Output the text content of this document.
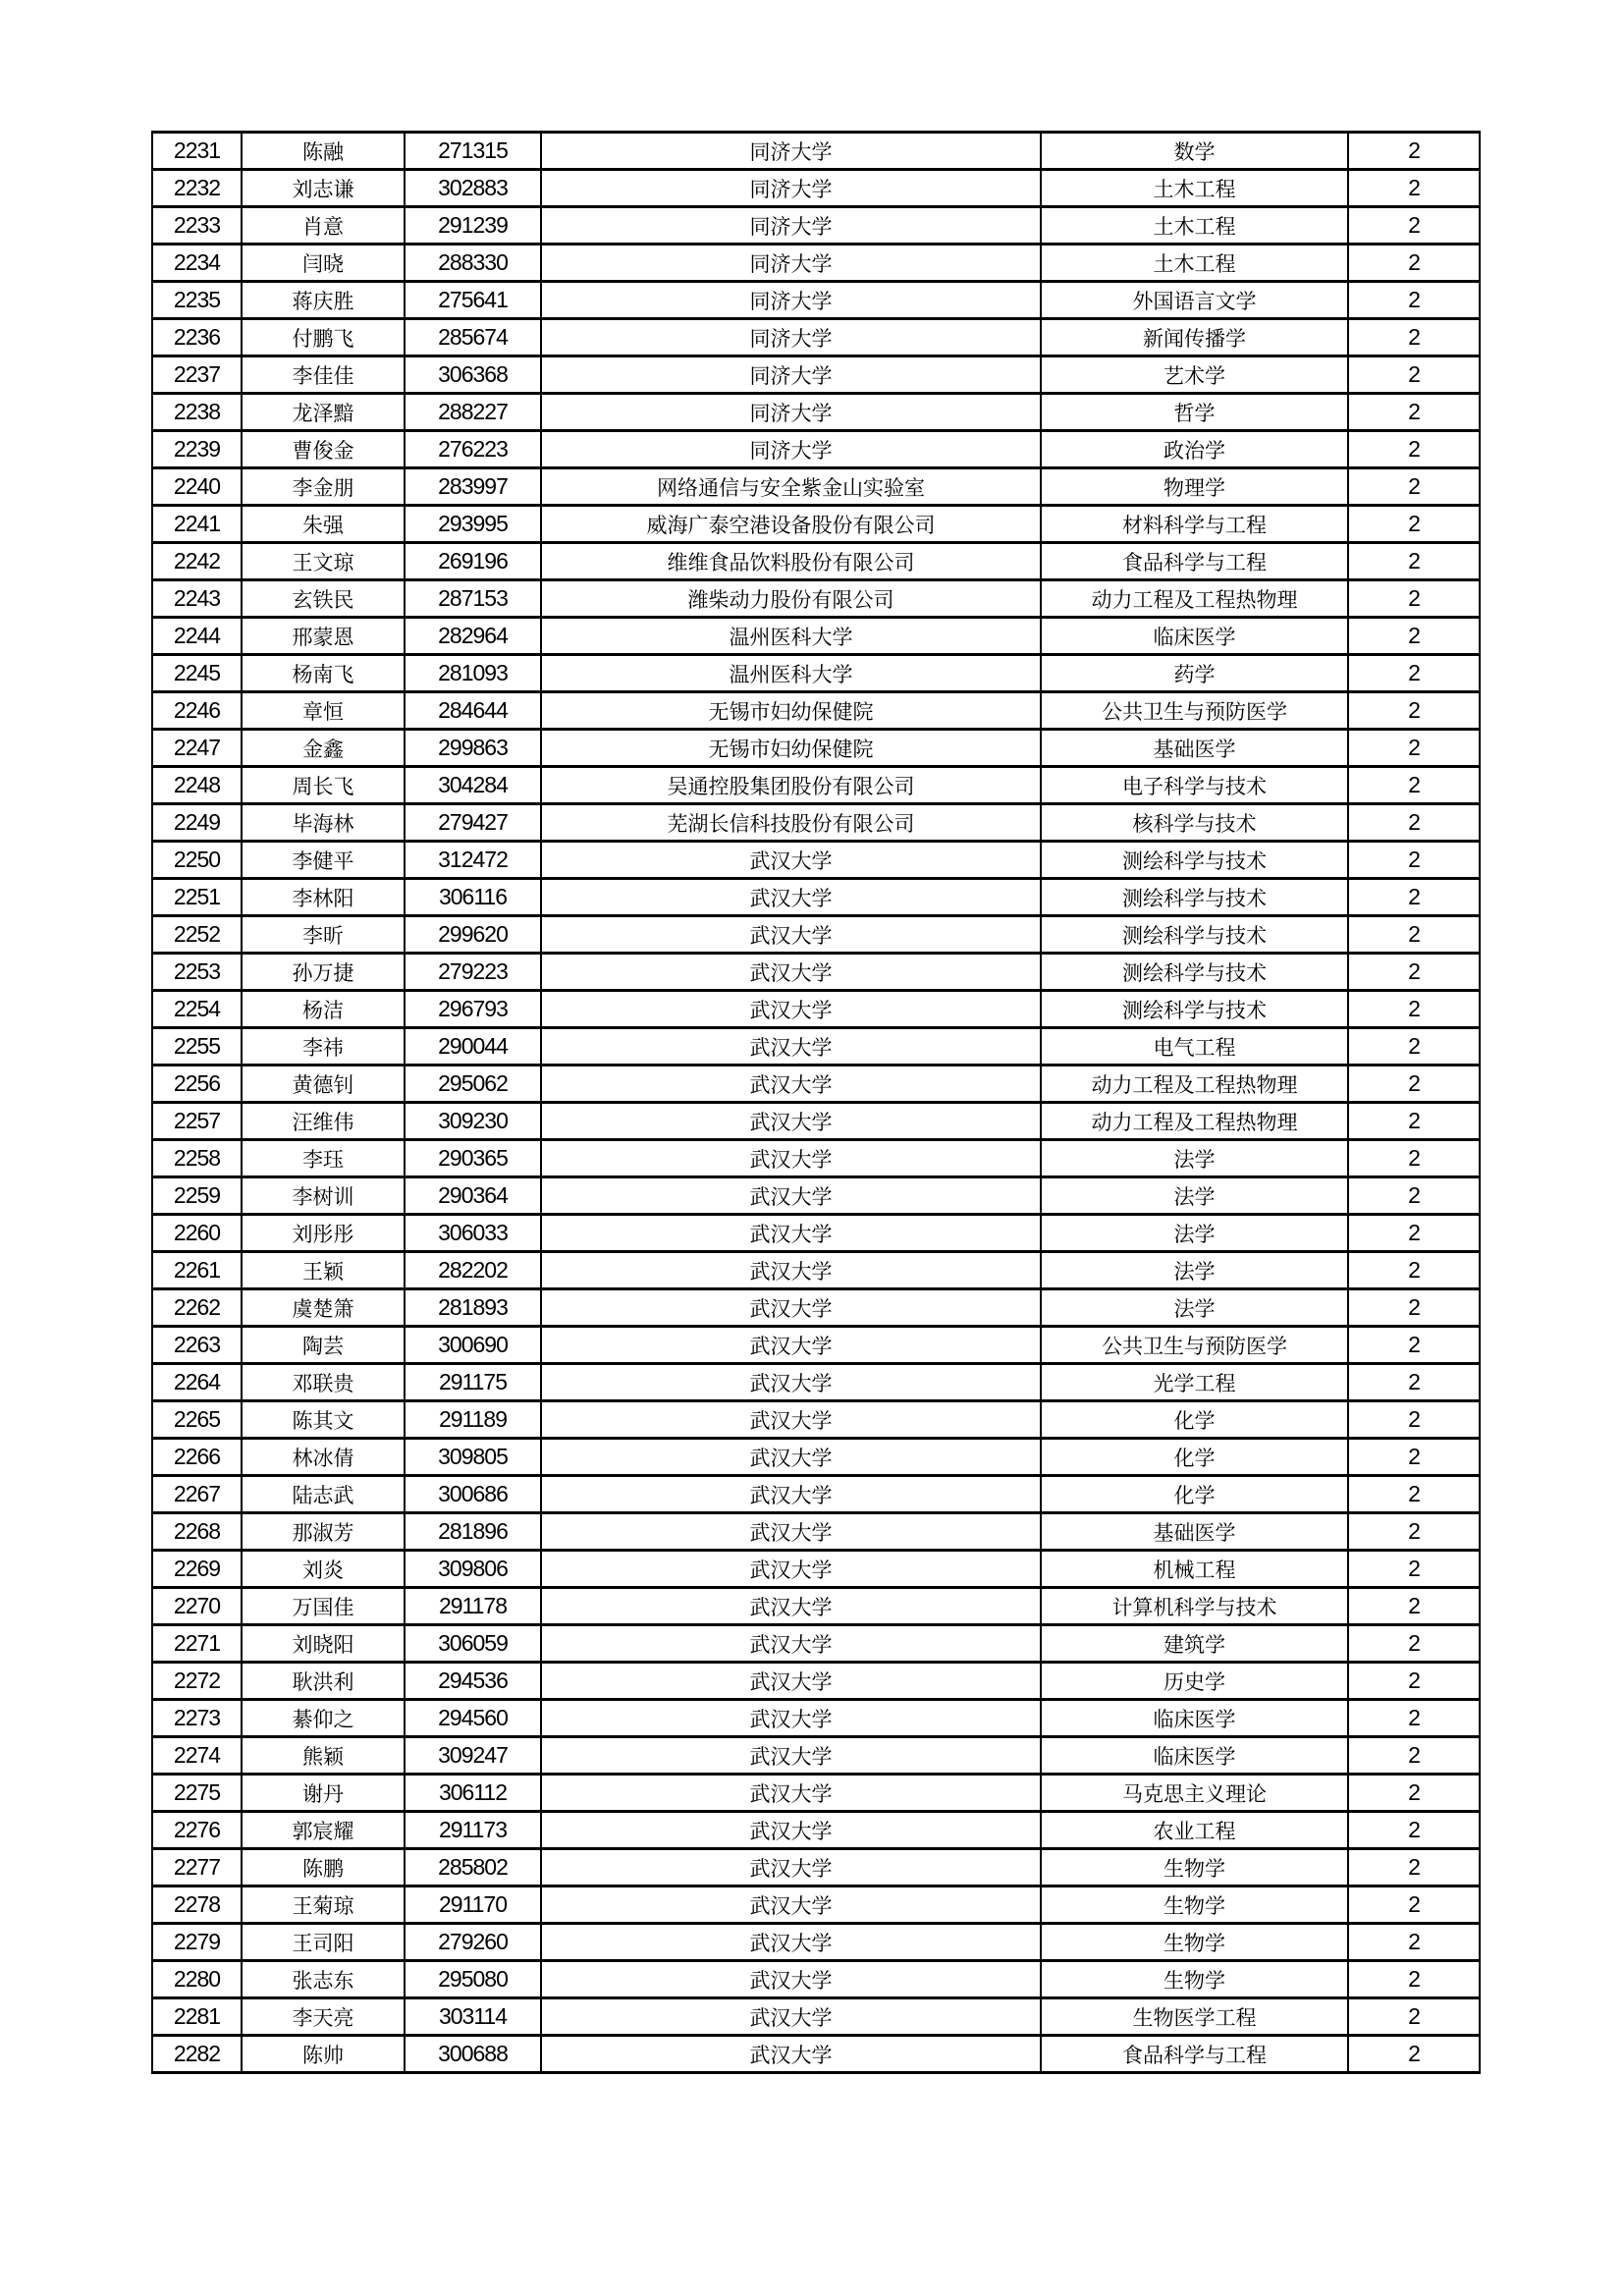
2231	陈融	271315	同济大学	数学	2
2232	刘志谦	302883	同济大学	土木工程	2
2233	肖意	291239	同济大学	土木工程	2
2234	闫晓	288330	同济大学	土木工程	2
2235	蒋庆胜	275641	同济大学	外国语言文学	2
2236	付鹏飞	285674	同济大学	新闻传播学	2
2237	李佳佳	306368	同济大学	艺术学	2
2238	龙泽黯	288227	同济大学	哲学	2
2239	曹俊金	276223	同济大学	政治学	2
2240	李金朋	283997	网络通信与安全紫金山实验室	物理学	2
2241	朱强	293995	威海广泰空港设备股份有限公司	材料科学与工程	2
2242	王文琼	269196	维维食品饮料股份有限公司	食品科学与工程	2
2243	玄铁民	287153	潍柴动力股份有限公司	动力工程及工程热物理	2
2244	邢蒙恩	282964	温州医科大学	临床医学	2
2245	杨南飞	281093	温州医科大学	药学	2
2246	章恒	284644	无锡市妇幼保健院	公共卫生与预防医学	2
2247	金鑫	299863	无锡市妇幼保健院	基础医学	2
2248	周长飞	304284	吴通控股集团股份有限公司	电子科学与技术	2
2249	毕海林	279427	芜湖长信科技股份有限公司	核科学与技术	2
2250	李健平	312472	武汉大学	测绘科学与技术	2
2251	李林阳	306116	武汉大学	测绘科学与技术	2
2252	李昕	299620	武汉大学	测绘科学与技术	2
2253	孙万捷	279223	武汉大学	测绘科学与技术	2
2254	杨洁	296793	武汉大学	测绘科学与技术	2
2255	李祎	290044	武汉大学	电气工程	2
2256	黄德钊	295062	武汉大学	动力工程及工程热物理	2
2257	汪维伟	309230	武汉大学	动力工程及工程热物理	2
2258	李珏	290365	武汉大学	法学	2
2259	李树训	290364	武汉大学	法学	2
2260	刘彤彤	306033	武汉大学	法学	2
2261	王颖	282202	武汉大学	法学	2
2262	虞楚箫	281893	武汉大学	法学	2
2263	陶芸	300690	武汉大学	公共卫生与预防医学	2
2264	邓联贵	291175	武汉大学	光学工程	2
2265	陈其文	291189	武汉大学	化学	2
2266	林冰倩	309805	武汉大学	化学	2
2267	陆志武	300686	武汉大学	化学	2
2268	那淑芳	281896	武汉大学	基础医学	2
2269	刘炎	309806	武汉大学	机械工程	2
2270	万国佳	291178	武汉大学	计算机科学与技术	2
2271	刘晓阳	306059	武汉大学	建筑学	2
2272	耿洪利	294536	武汉大学	历史学	2
2273	綦仰之	294560	武汉大学	临床医学	2
2274	熊颖	309247	武汉大学	临床医学	2
2275	谢丹	306112	武汉大学	马克思主义理论	2
2276	郭宸耀	291173	武汉大学	农业工程	2
2277	陈鹏	285802	武汉大学	生物学	2
2278	王菊琼	291170	武汉大学	生物学	2
2279	王司阳	279260	武汉大学	生物学	2
2280	张志东	295080	武汉大学	生物学	2
2281	李天亮	303114	武汉大学	生物医学工程	2
2282	陈帅	300688	武汉大学	食品科学与工程	2
